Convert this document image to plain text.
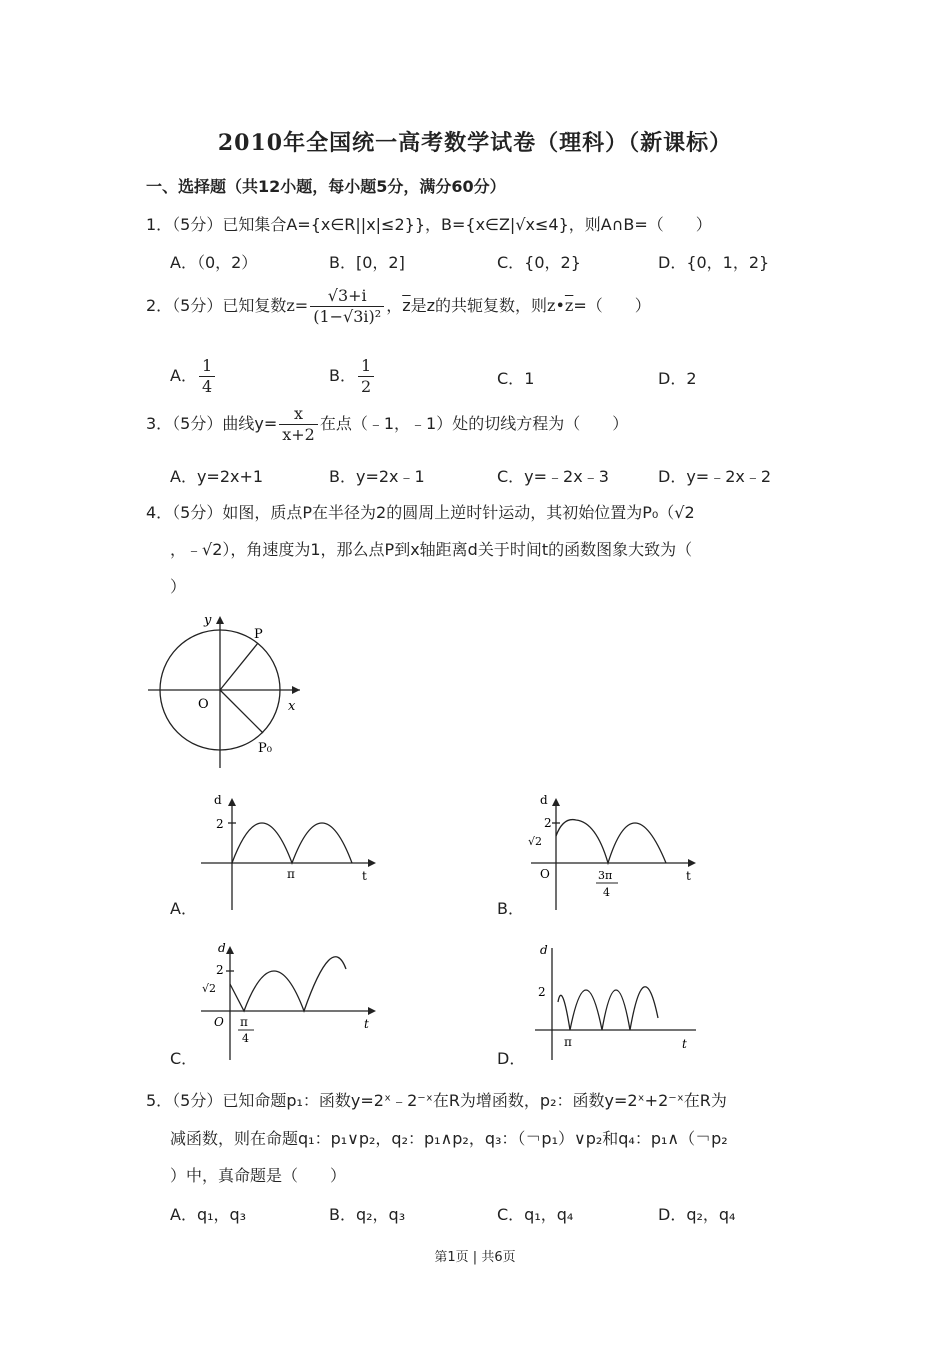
2010年全国统一高考数学试卷（理科）（新课标）
一、选择题（共12小题，每小题5分，满分60分）
1．（5分）已知集合A={x∈R||x|≤2}}，B={x∈Z|√x≤4}，则A∩B=（　　）
A．（0，2）	B．[0，2]	C．{0，2}	D．{0，1，2}
2．（5分）已知复数$z= \frac{√3+i}{\text{(1−√3i)²}}$ ，$\overline{z}$是z的共轭复数，则$z•\overline{z}=$（　　）
A． $\frac{1}{4}$	B． $\frac{1}{2}$	C．1	D．2
3．（5分）曲线$y= \frac{x}{x+2}$ 在点（﹣1，﹣1）处的切线方程为（　　）
A．y=2x+1	B．y=2x﹣1	C．y=﹣2x﹣3	D．y=﹣2x﹣2
4．（5分）如图，质点P在半径为2的圆周上逆时针运动，其初始位置为P₀（√2
，﹣√2），角速度为1，那么点P到x轴距离d关于时间t的函数图象大致为（
）
y
x
O
P
P₀
d
2
π	t
A．
d
2
√2
O	3π
4
t
B．
d
2
√2
O π
4
t
C．
d
2
π	t
D．
5．（5分）已知命题p₁：函数y=2ˣ﹣2⁻ˣ在R为增函数，p₂：函数y=2ˣ+2⁻ˣ在R为
减函数，则在命题q₁：p₁∨p₂，q₂：p₁∧p₂，q₃：（￢p₁）∨p₂和q₄：p₁∧（￢p₂
）中，真命题是（　　）
A．q₁，q₃	B．q₂，q₃	C．q₁，q₄	D．q₂，q₄
第1页 | 共6页
